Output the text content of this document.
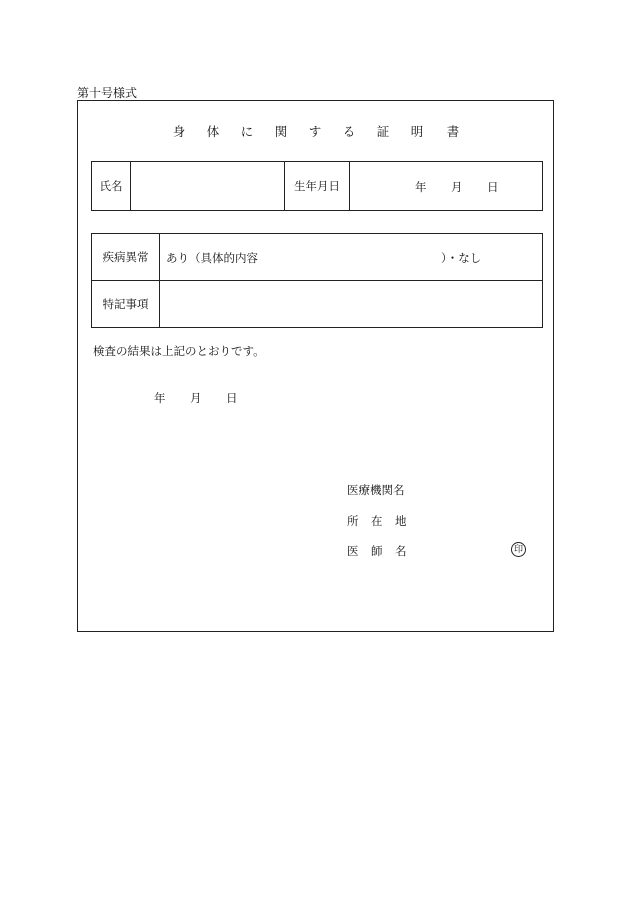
第十号様式
身 体 に 関 す る 証 明 書
氏名		生年月日	年 月 日
疾病異常	あり（具体的内容 ）・なし

特記事項	
検査の結果は上記のとおりです。
年 月 日
医療機関名
所 在 地
医 師 名	印
